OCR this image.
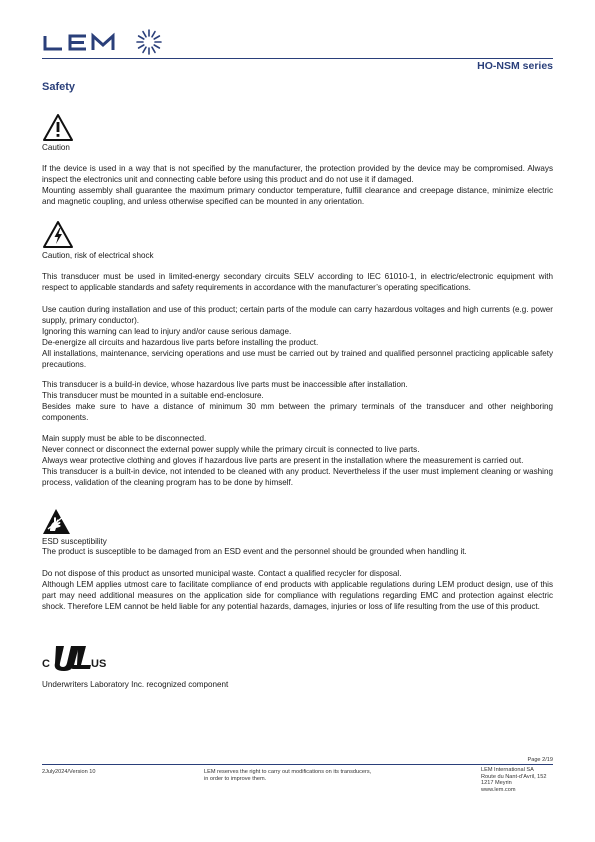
HO-NSM series
Safety
Caution

If the device is used in a way that is not specified by the manufacturer, the protection provided by the device may be compromised. Always inspect the electronics unit and connecting cable before using this product and do not use it if damaged.

Mounting assembly shall guarantee the maximum primary conductor temperature, fulfill clearance and creepage distance, minimize electric and magnetic coupling, and unless otherwise specified can be mounted in any orientation.

Caution, risk of electrical shock

This transducer must be used in limited-energy secondary circuits SELV according to IEC 61010-1, in electric/electronic equipment with respect to applicable standards and safety requirements in accordance with the manufacturer’s operating specifications.

Use caution during installation and use of this product; certain parts of the module can carry hazardous voltages and high currents (e.g. power supply, primary conductor).

Ignoring this warning can lead to injury and/or cause serious damage.

De-energize all circuits and hazardous live parts before installing the product.

All installations, maintenance, servicing operations and use must be carried out by trained and qualified personnel practicing applicable safety precautions.

This transducer is a build-in device, whose hazardous live parts must be inaccessible after installation.

This transducer must be mounted in a suitable end-enclosure.

Besides make sure to have a distance of minimum 30 mm between the primary terminals of the transducer and other neighboring components.

Main supply must be able to be disconnected.

Never connect or disconnect the external power supply while the primary circuit is connected to live parts.

Always wear protective clothing and gloves if hazardous live parts are present in the installation where the measurement is carried out.

This transducer is a built-in device, not intended to be cleaned with any product. Nevertheless if the user must implement cleaning or washing process, validation of the cleaning program has to be done by himself.

ESD susceptibility

The product is susceptible to be damaged from an ESD event and the personnel should be grounded when handling it.

Do not dispose of this product as unsorted municipal waste. Contact a qualified recycler for disposal.

Although LEM applies utmost care to facilitate compliance of end products with applicable regulations during LEM product design, use of this part may need additional measures on the application side for compliance with regulations regarding EMC and protection against electric shock. Therefore LEM cannot be held liable for any potential hazards, damages, injuries or loss of life resulting from the use of this product.

C	US
Underwriters Laboratory Inc. recognized component
Page 2/19
2July2024/Version 10	LEM reserves the right to carry out modifications on its transducers,
in order to improve them.
LEM International SA
Route du Nant-d’Avril, 152
1217 Meyrin
www.lem.com
